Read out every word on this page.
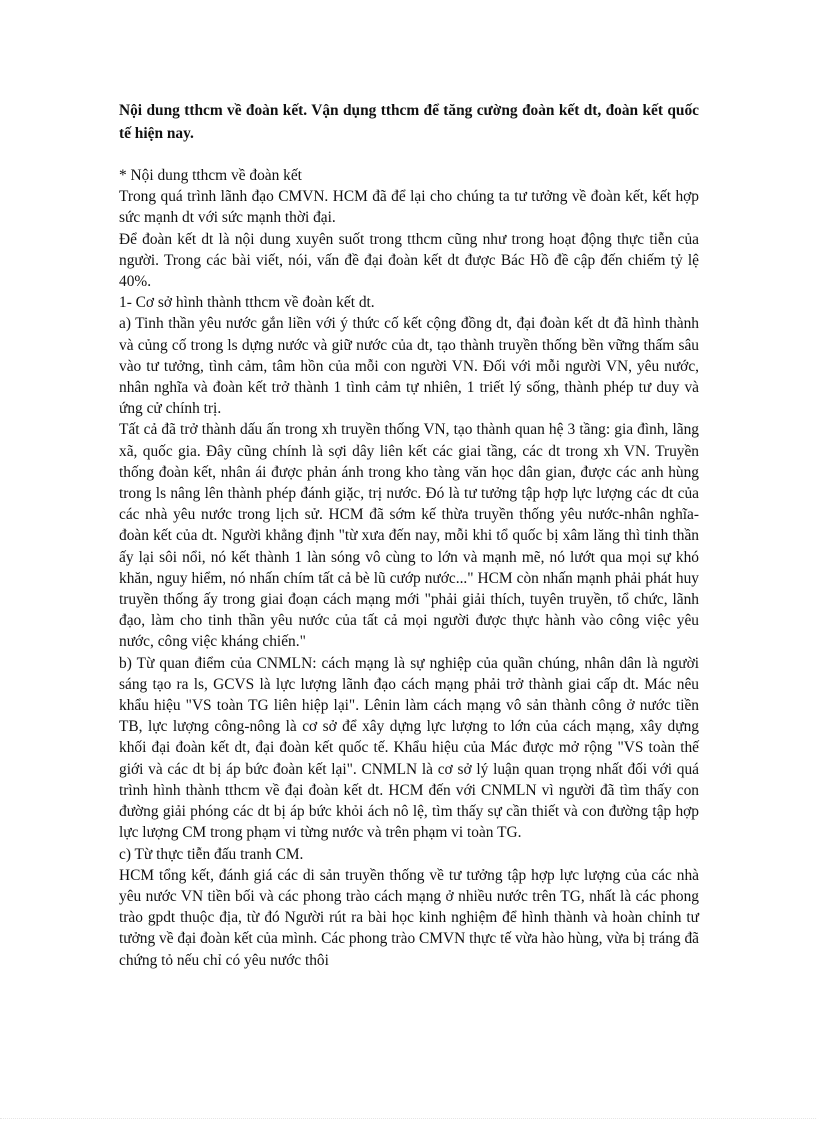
Nội dung tthcm về đoàn kết. Vận dụng tthcm để tăng cường đoàn kết dt, đoàn kết quốc tế hiện nay.

* Nội dung tthcm về đoàn kết

Trong quá trình lãnh đạo CMVN. HCM đã để lại cho chúng ta tư tưởng về đoàn kết, kết hợp sức mạnh dt với sức mạnh thời đại.

Để đoàn kết dt là nội dung xuyên suốt trong tthcm cũng như trong hoạt động thực tiễn của người. Trong các bài viết, nói, vấn đề đại đoàn kết dt được Bác Hồ đề cập đến chiếm tỷ lệ 40%.

1- Cơ sở hình thành tthcm về đoàn kết dt.

a) Tinh thần yêu nước gắn liền với ý thức cố kết cộng đồng dt, đại đoàn kết dt đã hình thành và củng cố trong ls dựng nước và giữ nước của dt, tạo thành truyền thống bền vững thấm sâu vào tư tưởng, tình cảm, tâm hồn của mỗi con người VN. Đối với mỗi người VN, yêu nước, nhân nghĩa và đoàn kết trở thành 1 tình cảm tự nhiên, 1 triết lý sống, thành phép tư duy và ứng cử chính trị.

Tất cả đã trở thành dấu ấn trong xh truyền thống VN, tạo thành quan hệ 3 tầng: gia đình, lãng xã, quốc gia. Đây cũng chính là sợi dây liên kết các giai tầng, các dt trong xh VN. Truyền thống đoàn kết, nhân ái được phản ánh trong kho tàng văn học dân gian, được các anh hùng trong ls nâng lên thành phép đánh giặc, trị nước. Đó là tư tưởng tập hợp lực lượng các dt của các nhà yêu nước trong lịch sử. HCM đã sớm kế thừa truyền thống yêu nước-nhân nghĩa-đoàn kết của dt. Người khẳng định "từ xưa đến nay, mỗi khi tổ quốc bị xâm lăng thì tinh thần ấy lại sôi nổi, nó kết thành 1 làn sóng vô cùng to lớn và mạnh mẽ, nó lướt qua mọi sự khó khăn, nguy hiểm, nó nhấn chím tất cả bè lũ cướp nước..." HCM còn nhấn mạnh phải phát huy truyền thống ấy trong giai đoạn cách mạng mới "phải giải thích, tuyên truyền, tổ chức, lãnh đạo, làm cho tinh thần yêu nước của tất cả mọi người được thực hành vào công việc yêu nước, công việc kháng chiến."

b) Từ quan điểm của CNMLN: cách mạng là sự nghiệp của quần chúng, nhân dân là người sáng tạo ra ls, GCVS là lực lượng lãnh đạo cách mạng phải trở thành giai cấp dt. Mác nêu khẩu hiệu "VS toàn TG liên hiệp lại". Lênin làm cách mạng vô sản thành công ở nước tiền TB, lực lượng công-nông là cơ sở để xây dựng lực lượng to lớn của cách mạng, xây dựng khối đại đoàn kết dt, đại đoàn kết quốc tế. Khẩu hiệu của Mác được mở rộng "VS toàn thế giới và các dt bị áp bức đoàn kết lại". CNMLN là cơ sở lý luận quan trọng nhất đối với quá trình hình thành tthcm về đại đoàn kết dt. HCM đến với CNMLN vì người đã tìm thấy con đường giải phóng các dt bị áp bức khỏi ách nô lệ, tìm thấy sự cần thiết và con đường tập hợp lực lượng CM trong phạm vi từng nước và trên phạm vi toàn TG.

c) Từ thực tiễn đấu tranh CM.

HCM tổng kết, đánh giá các di sản truyền thống về tư tưởng tập hợp lực lượng của các nhà yêu nước VN tiền bối và các phong trào cách mạng ở nhiều nước trên TG, nhất là các phong trào gpdt thuộc địa, từ đó Người rút ra bài học kinh nghiệm để hình thành và hoàn chỉnh tư tưởng về đại đoàn kết của mình. Các phong trào CMVN thực tế vừa hào hùng, vừa bị tráng đã chứng tỏ nếu chỉ có yêu nước thôi
